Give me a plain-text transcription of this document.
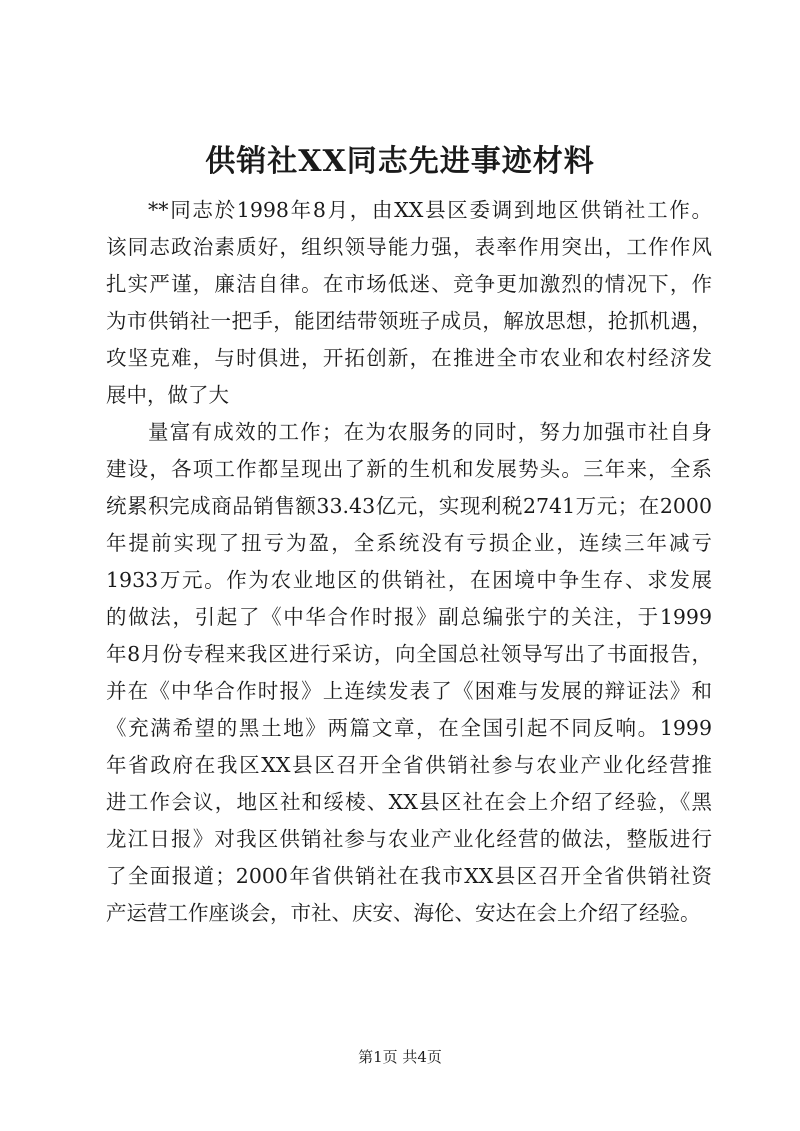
供销社XX同志先进事迹材料
**同志於1998年8月，由XX县区委调到地区供销社工作。
该同志政治素质好，组织领导能力强，表率作用突出，工作作风
扎实严谨，廉洁自律。在市场低迷、竞争更加激烈的情况下，作
为市供销社一把手，能团结带领班子成员，解放思想，抢抓机遇，
攻坚克难，与时俱进，开拓创新，在推进全市农业和农村经济发
展中，做了大
量富有成效的工作；在为农服务的同时，努力加强市社自身
建设，各项工作都呈现出了新的生机和发展势头。三年来，全系
统累积完成商品销售额33.43亿元，实现利税2741万元；在2000
年提前实现了扭亏为盈，全系统没有亏损企业，连续三年减亏
1933万元。作为农业地区的供销社，在困境中争生存、求发展
的做法，引起了《中华合作时报》副总编张宁的关注，于1999
年8月份专程来我区进行采访，向全国总社领导写出了书面报告，
并在《中华合作时报》上连续发表了《困难与发展的辩证法》和
《充满希望的黑土地》两篇文章，在全国引起不同反响。1999
年省政府在我区XX县区召开全省供销社参与农业产业化经营推
进工作会议，地区社和绥棱、XX县区社在会上介绍了经验，《黑
龙江日报》对我区供销社参与农业产业化经营的做法，整版进行
了全面报道；2000年省供销社在我市XX县区召开全省供销社资
产运营工作座谈会，市社、庆安、海伦、安达在会上介绍了经验。
第1页 共4页
